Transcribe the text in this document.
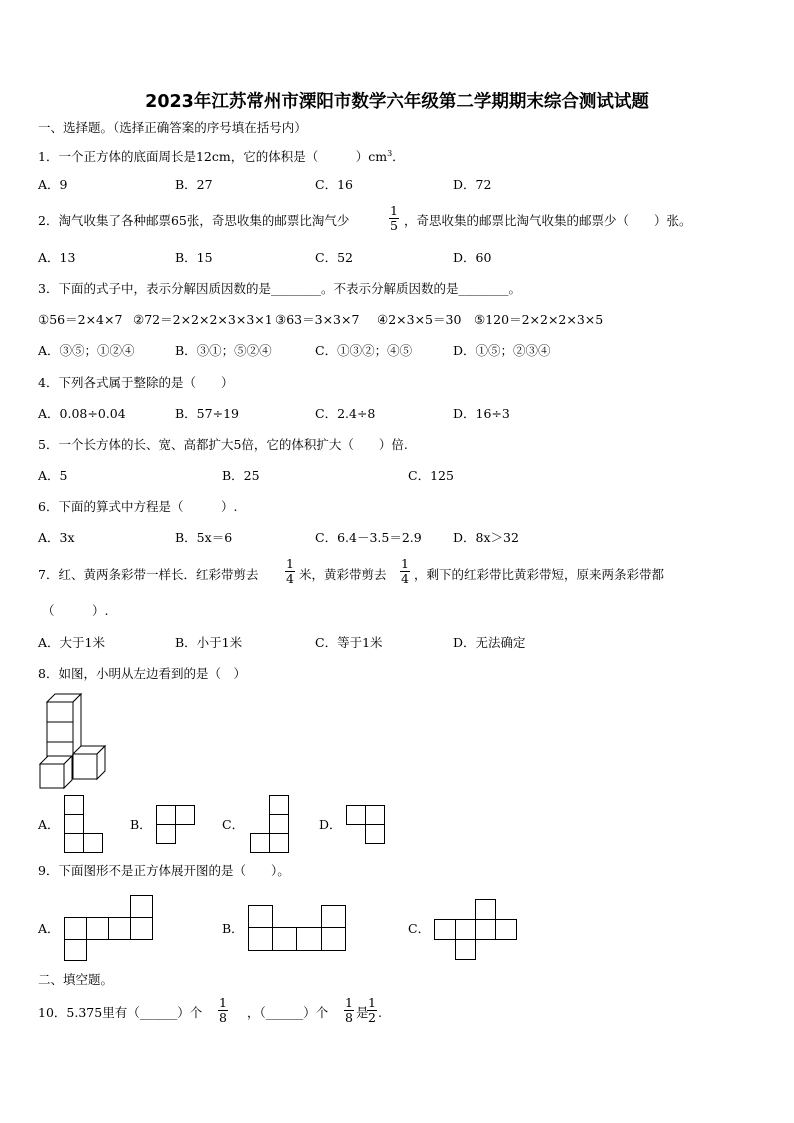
2023年江苏常州市溧阳市数学六年级第二学期期末综合测试试题
一、选择题。（选择正确答案的序号填在括号内）
1．一个正方体的底面周长是12cm，它的体积是（　　　）$cm^3$．
A．9	B．27	C．16	D．72
2．淘气收集了各种邮票65张，奇思收集的邮票比淘气少	$\frac{1}{5}$ ，奇思收集的邮票比淘气收集的邮票少（　　）张。
A．13	B．15	C．52	D．60
3．下面的式子中，表示分解因质因数的是________。不表示分解质因数的是________。
①56＝2×4×7 ②72＝2×2×2×3×3×1 ③63＝3×3×7 ④2×3×5＝30 ⑤120＝2×2×2×3×5
A．③⑤；①②④	B．③①；⑤②④	C．①③②；④⑤	D．①⑤；②③④
4．下列各式属于整除的是（　　）
A．0.08÷0.04	B．57÷19	C．2.4÷8	D．16÷3
5．一个长方体的长、宽、高都扩大5倍，它的体积扩大（　　）倍.
A．5	B．25	C．125
6．下面的算式中方程是（　　　）.
A．3x	B．5x＝6	C．6.4－3.5＝2.9	D．8x＞32
7．红、黄两条彩带一样长．红彩带剪去 $\frac{1}{4}$ 米，黄彩带剪去 $\frac{1}{4}$ ，剩下的红彩带比黄彩带短，原来两条彩带都
（　　　）.
A．大于1米	B．小于1米	C．等于1米	D．无法确定
8．如图，小明从左边看到的是（　）
A．	B．	C．	D．
9．下面图形不是正方体展开图的是（　　）。
A．	B．	C．
二、填空题。
10．5.375里有（______）个 $\frac{1}{8}$ ，（______）个 $\frac{1}{8}$ 是
$\frac{1}{2}$ .
